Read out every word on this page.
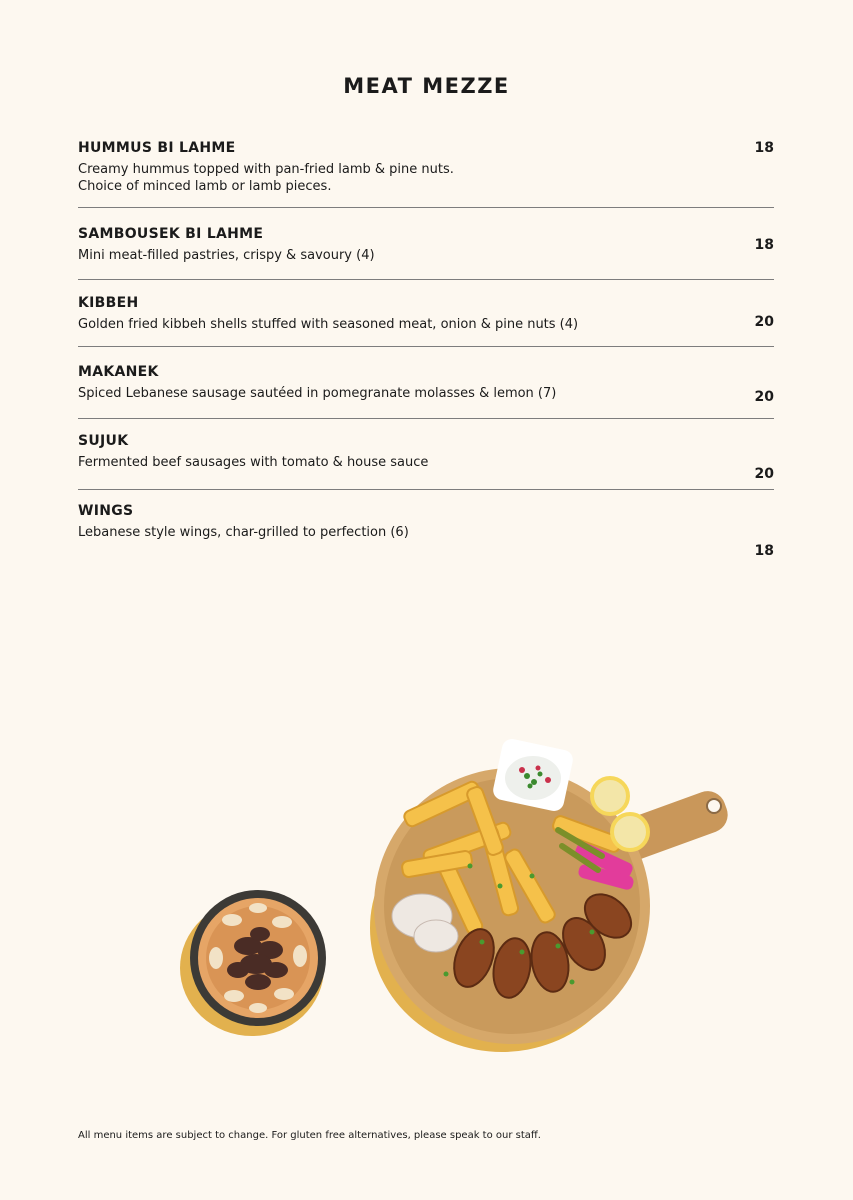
MEAT MEZZE
HUMMUS BI LAHME
Creamy hummus topped with pan-fried lamb & pine nuts.
Choice of minced lamb or lamb pieces.
18
SAMBOUSEK BI LAHME
Mini meat-filled pastries, crispy & savoury (4)
18
KIBBEH
Golden fried kibbeh shells stuffed with seasoned meat, onion & pine nuts (4)	20
MAKANEK
Spiced Lebanese sausage sautéed in pomegranate molasses & lemon (7)	20
SUJUK
Fermented beef sausages with tomato & house sauce
20
WINGS
Lebanese style wings, char-grilled to perfection (6)
18
All menu items are subject to change. For gluten free alternatives, please speak to our staff.
